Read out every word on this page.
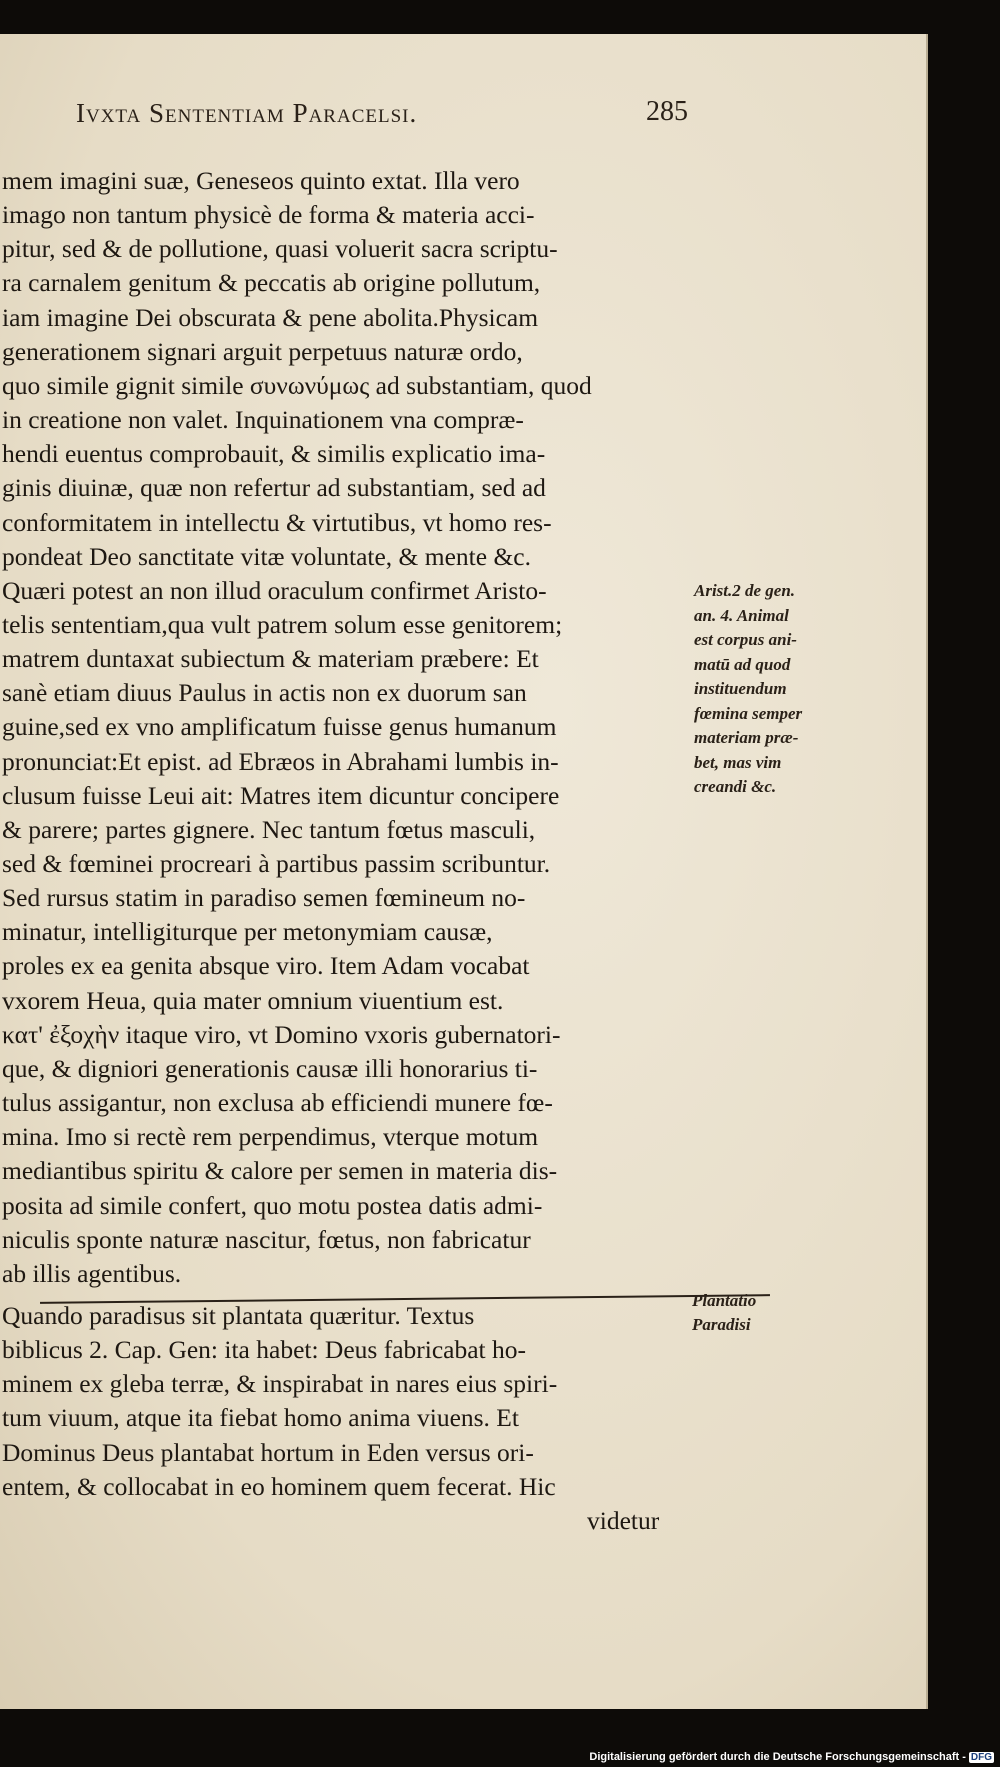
Ivxta Sententiam Paracelsi.	285
mem imagini suæ, Geneseos quinto extat. Illa vero
imago non tantum physicè de forma & materia acci-
pitur, sed & de pollutione, quasi voluerit sacra scriptu-
ra carnalem genitum & peccatis ab origine pollutum,
iam imagine Dei obscurata & pene abolita.Physicam
generationem signari arguit perpetuus naturæ ordo,
quo simile gignit simile συνωνύμως ad substantiam, quod
in creatione non valet. Inquinationem vna compræ-
hendi euentus comprobauit, & similis explicatio ima-
ginis diuinæ, quæ non refertur ad substantiam, sed ad
conformitatem in intellectu & virtutibus, vt homo res-
pondeat Deo sanctitate vitæ voluntate, & mente &c.
Quæri potest an non illud oraculum confirmet Aristo-
telis sententiam,qua vult patrem solum esse genitorem;
matrem duntaxat subiectum & materiam præbere: Et
sanè etiam diuus Paulus in actis non ex duorum san
guine,sed ex vno amplificatum fuisse genus humanum
pronunciat:Et epist. ad Ebræos in Abrahami lumbis in-
clusum fuisse Leui ait: Matres item dicuntur concipere
& parere; partes gignere. Nec tantum fœtus masculi,
sed & fœminei procreari à partibus passim scribuntur.
Sed rursus statim in paradiso semen fœmineum no-
minatur, intelligiturque per metonymiam causæ,
proles ex ea genita absque viro. Item Adam vocabat
vxorem Heua, quia mater omnium viuentium est.
κατ' ἐξοχὴν itaque viro, vt Domino vxoris gubernatori-
que, & digniori generationis causæ illi honorarius ti-
tulus assigantur, non exclusa ab efficiendi munere fœ-
mina. Imo si rectè rem perpendimus, vterque motum
mediantibus spiritu & calore per semen in materia dis-
posita ad simile confert, quo motu postea datis admi-
niculis sponte naturæ nascitur, fœtus, non fabricatur
ab illis agentibus.
Quando paradisus sit plantata quæritur. Textus
biblicus 2. Cap. Gen: ita habet: Deus fabricabat ho-
minem ex gleba terræ, & inspirabat in nares eius spiri-
tum viuum, atque ita fiebat homo anima viuens. Et
Dominus Deus plantabat hortum in Eden versus ori-
entem, & collocabat in eo hominem quem fecerat. Hic
videtur
Arist.2 de gen.
an. 4. Animal
est corpus ani-
matū ad quod
instituendum
fœmina semper
materiam præ-
bet, mas vim
creandi &c.
Plantatio
Paradisi
Digitalisierung gefördert durch die Deutsche Forschungsgemeinschaft - DFG
